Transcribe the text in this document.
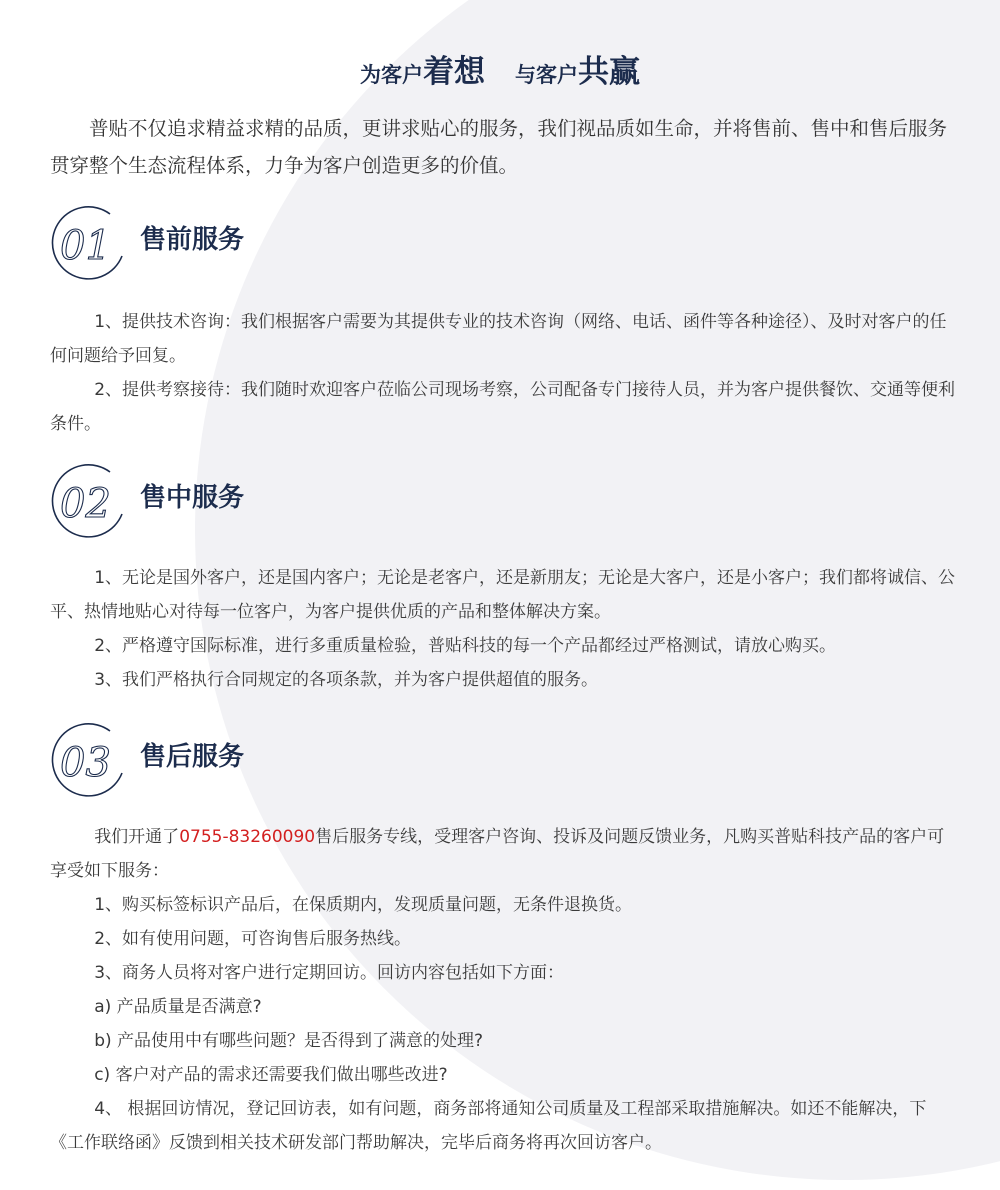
为客户着想 与客户共赢
普贴不仅追求精益求精的品质，更讲求贴心的服务，我们视品质如生命，并将售前、售中和售后服务贯穿整个生态流程体系，力争为客户创造更多的价值。
01 售前服务

1、提供技术咨询：我们根据客户需要为其提供专业的技术咨询（网络、电话、函件等各种途径）、及时对客户的任何问题给予回复。

2、提供考察接待：我们随时欢迎客户莅临公司现场考察，公司配备专门接待人员，并为客户提供餐饮、交通等便利条件。

02 售中服务

1、无论是国外客户，还是国内客户；无论是老客户，还是新朋友；无论是大客户，还是小客户；我们都将诚信、公平、热情地贴心对待每一位客户，为客户提供优质的产品和整体解决方案。

2、严格遵守国际标准，进行多重质量检验，普贴科技的每一个产品都经过严格测试，请放心购买。

3、我们严格执行合同规定的各项条款，并为客户提供超值的服务。

03 售后服务

我们开通了0755-83260090售后服务专线，受理客户咨询、投诉及问题反馈业务，凡购买普贴科技产品的客户可享受如下服务：

1、购买标签标识产品后，在保质期内，发现质量问题，无条件退换货。

2、如有使用问题，可咨询售后服务热线。

3、商务人员将对客户进行定期回访。回访内容包括如下方面：

a) 产品质量是否满意?

b) 产品使用中有哪些问题？是否得到了满意的处理?

c) 客户对产品的需求还需要我们做出哪些改进?

4、 根据回访情况，登记回访表，如有问题，商务部将通知公司质量及工程部采取措施解决。如还不能解决，下《工作联络函》反馈到相关技术研发部门帮助解决，完毕后商务将再次回访客户。
